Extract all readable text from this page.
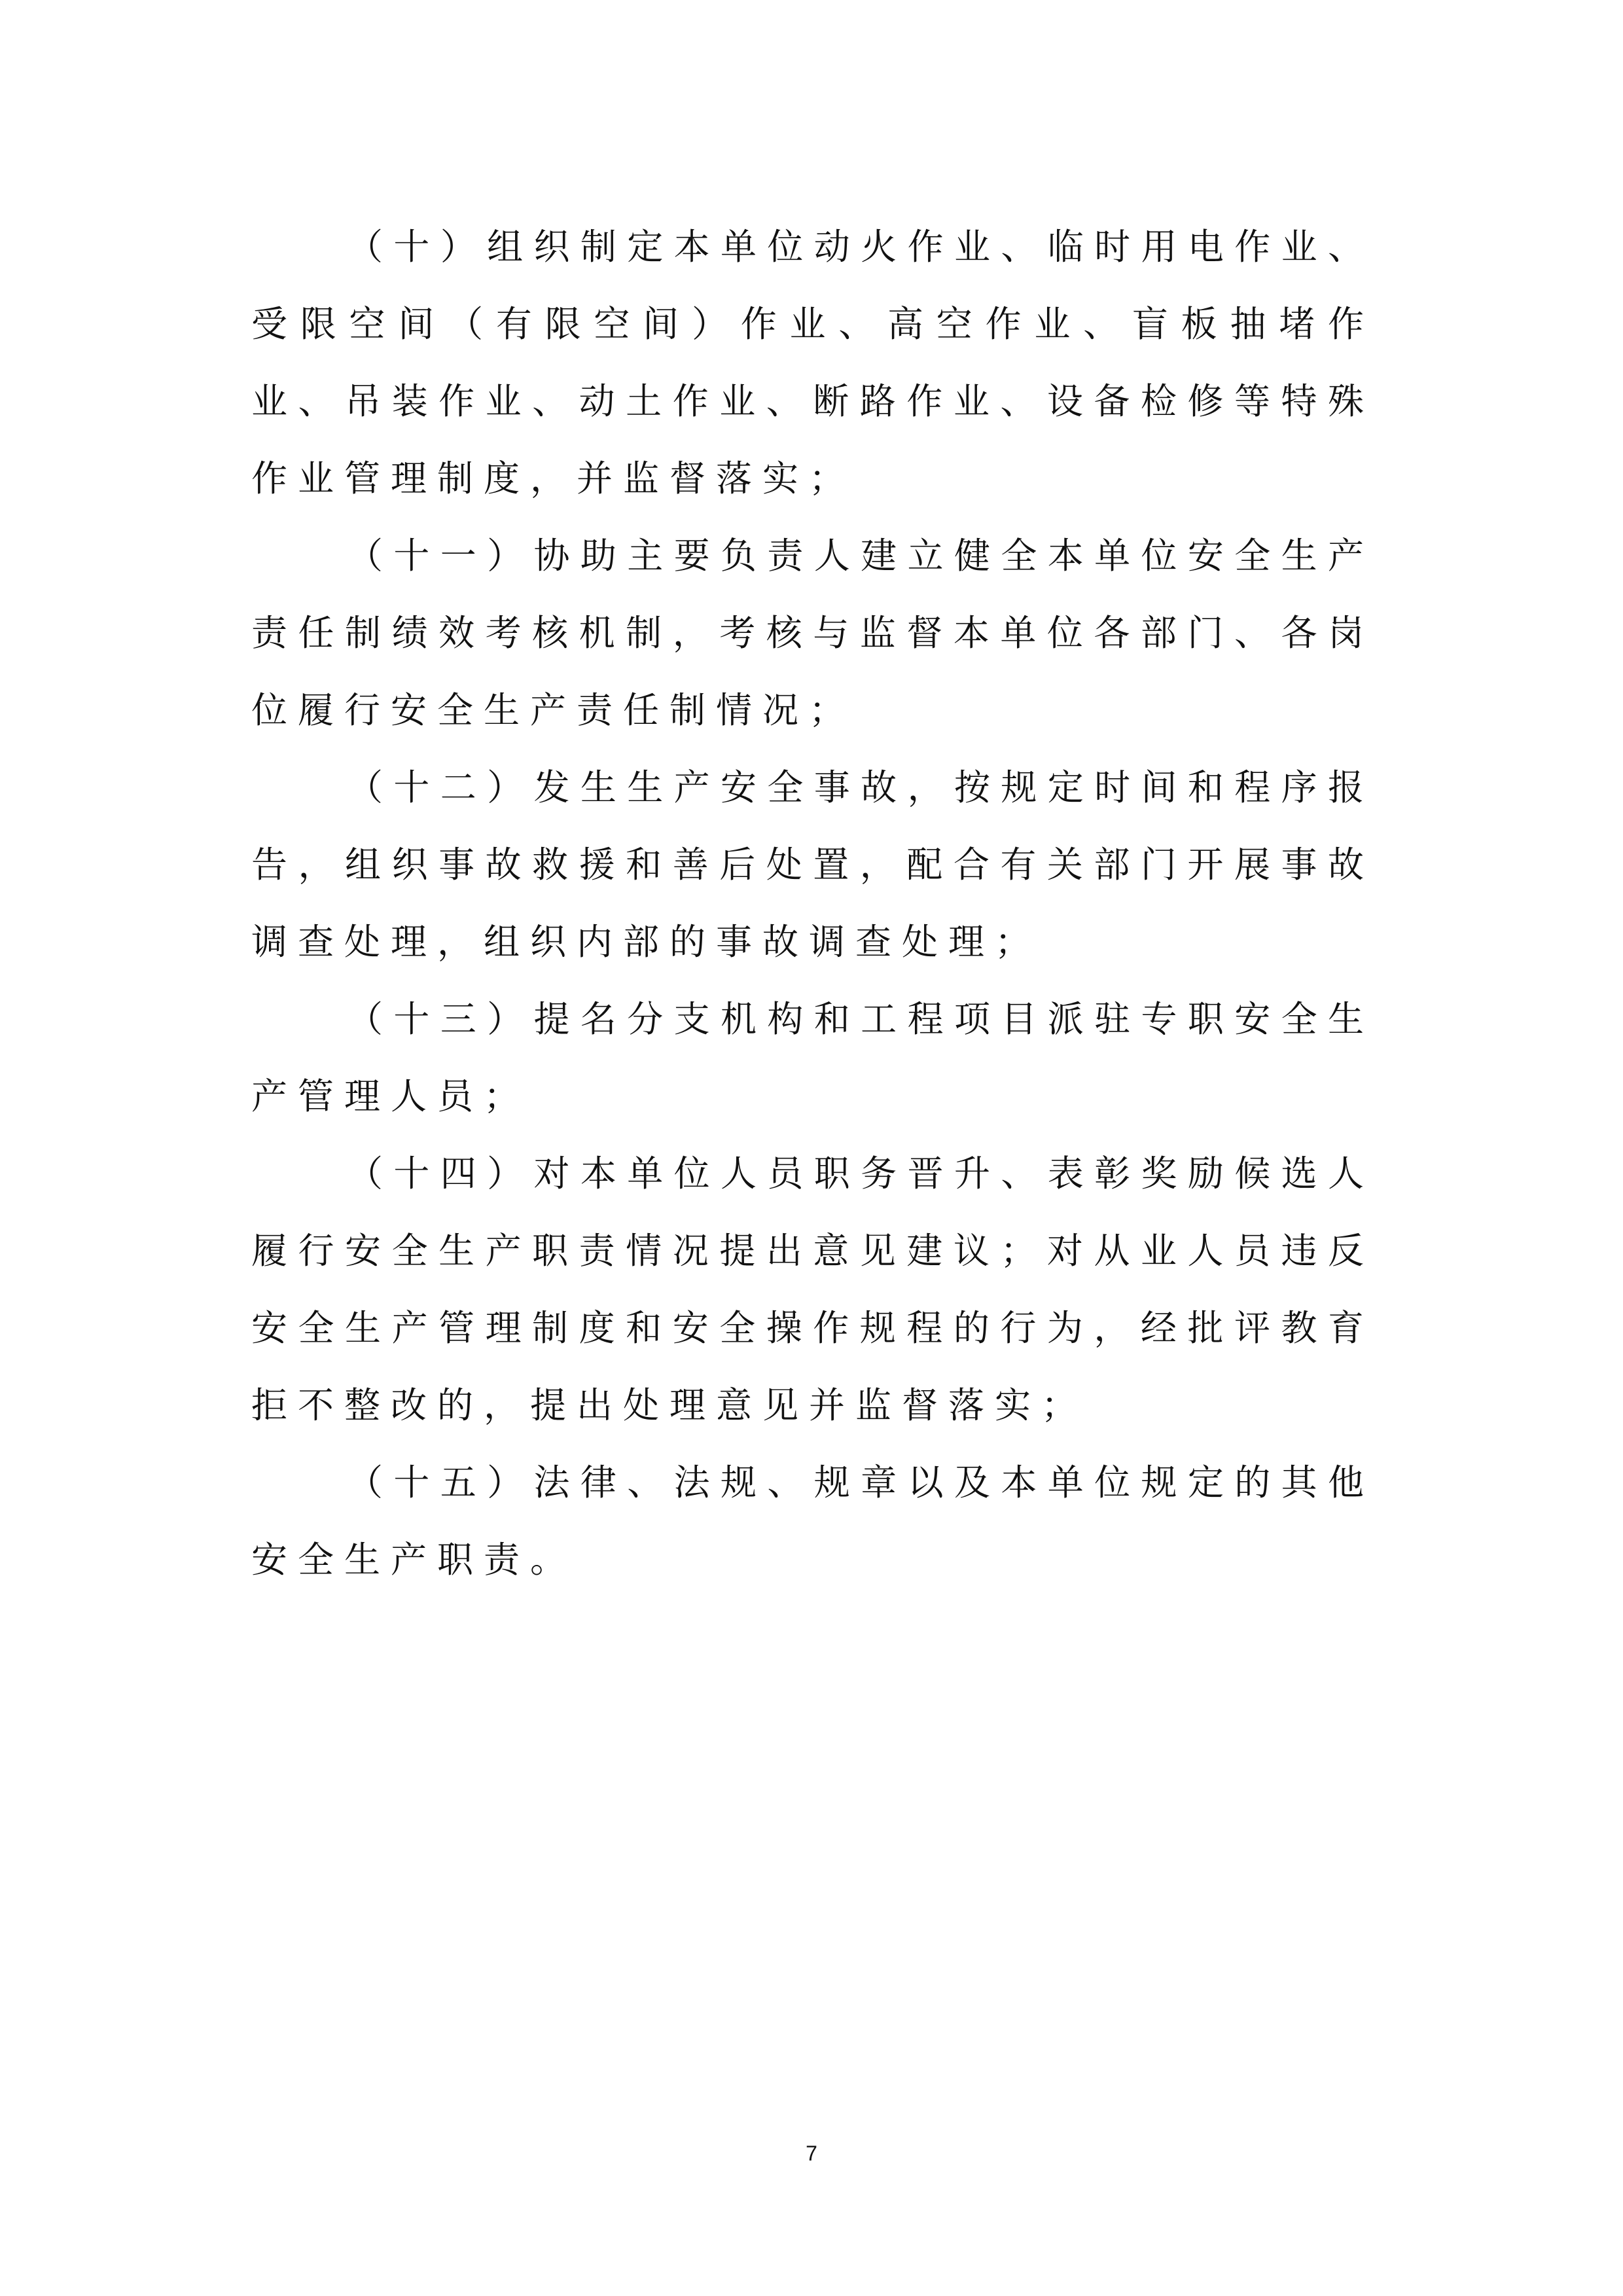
（十）组织制定本单位动火作业、临时用电作业、受限空间（有限空间）作业、高空作业、盲板抽堵作业、吊装作业、动土作业、断路作业、设备检修等特殊作业管理制度，并监督落实；

（十一）协助主要负责人建立健全本单位安全生产责任制绩效考核机制，考核与监督本单位各部门、各岗位履行安全生产责任制情况；

（十二）发生生产安全事故，按规定时间和程序报告，组织事故救援和善后处置，配合有关部门开展事故调查处理，组织内部的事故调查处理；

（十三）提名分支机构和工程项目派驻专职安全生产管理人员；

（十四）对本单位人员职务晋升、表彰奖励候选人履行安全生产职责情况提出意见建议；对从业人员违反安全生产管理制度和安全操作规程的行为，经批评教育拒不整改的，提出处理意见并监督落实；

（十五）法律、法规、规章以及本单位规定的其他安全生产职责。

7
